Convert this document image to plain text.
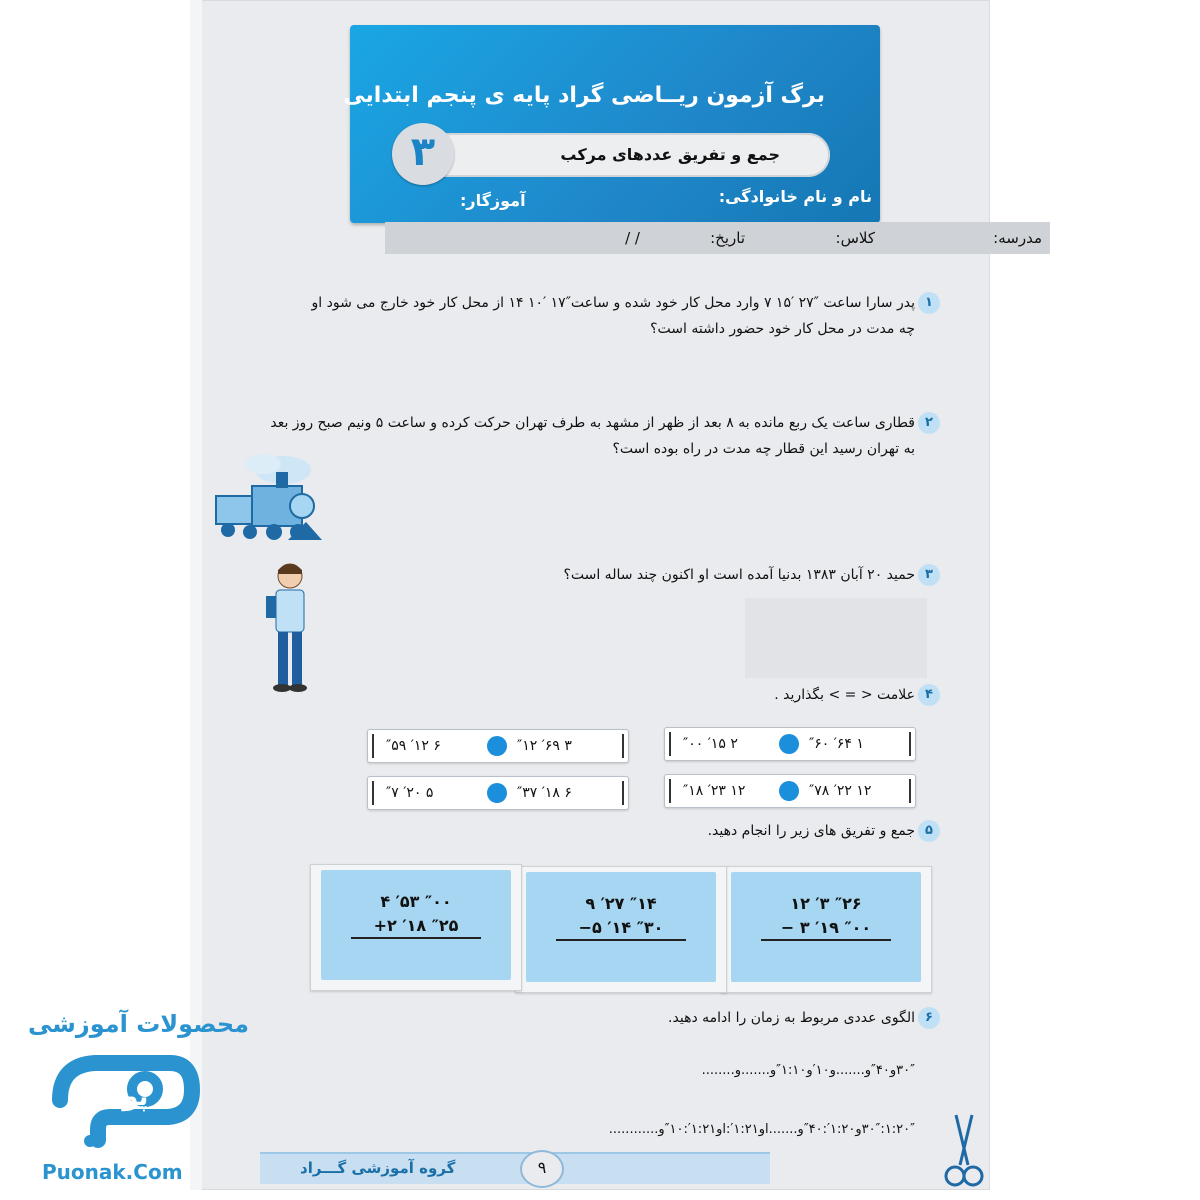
برگ آزمون ریــاضی گراد پایه ی پنجم ابتدایی
جمع و تفریق عددهای مرکب
۳
نام و نام خانوادگی:
آموزگار:
مدرسه:
کلاس:
تاریخ:
/ /
۱
پدر سارا ساعت ″۲۷ ′۱۵ ۷ وارد محل کار خود شده و ساعت″۱۷ ′۱۰ ۱۴ از محل کار خود خارج می شود او
چه مدت در محل کار خود حضور داشته است؟
۲
قطاری ساعت یک ربع مانده به ۸ بعد از ظهر از مشهد به طرف تهران حرکت کرده و ساعت ۵ ونیم صبح روز بعد
به تهران رسید این قطار چه مدت در راه بوده است؟
۳
حمید ۲۰ آبان ۱۳۸۳ بدنیا آمده است او اکنون چند ساله است؟
۴
علامت < = > بگذارید .
″۰۰ ′۱۵ ۲	″۶۰ ′۶۴ ۱
″۱۸ ′۲۳ ۱۲	″۷۸ ′۲۲ ۱۲
″۵۹ ′۱۲ ۶	″۱۲ ′۶۹ ۳
″۷ ′۲۰ ۵	″۳۷ ′۱۸ ۶
۵
جمع و تفریق های زیر را انجام دهید.
۱۲ ′۳ ″۲۶
− ۳ ′۱۹ ″۰۰
۹ ′۲۷ ″۱۴
−۵ ′۱۴ ″۳۰
۴ ′۵۳ ″۰۰
+۲ ′۱۸ ″۲۵
۶
الگوی عددی مربوط به زمان را ادامه دهید.
۳۰″و۴۰″و.......و۱۰′و۱:۱۰″و.......و........
۱:۲۰″:۳۰″و۱:۲۰′:۴۰″و.......او۱:۲۱′:او۱:۲۱′:۱۰″و............
گروه آموزشی گـــراد	۹
محصولات آموزشی
پونک
Puonak.Com
